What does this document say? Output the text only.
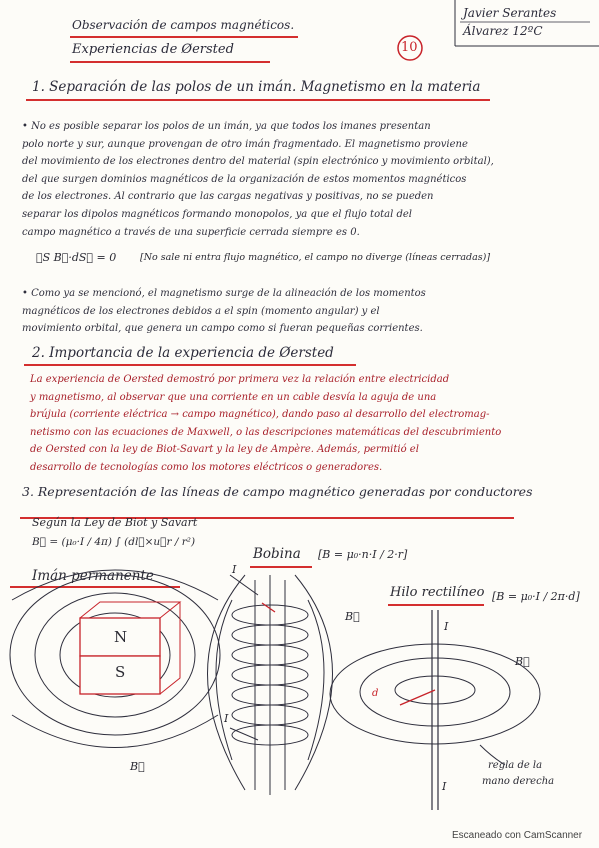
Observación de campos magnéticos.
Experiencias de Øersted
Javier Serantes
Álvarez 12ºC
10
1. Separación de las polos de un imán. Magnetismo en la materia

• No es posible separar los polos de un imán, ya que todos los imanes presentan

polo norte y sur, aunque provengan de otro imán fragmentado. El magnetismo proviene

del movimiento de los electrones dentro del material (spin electrónico y movimiento orbital),

del que surgen dominios magnéticos de la organización de estos momentos magnéticos

de los electrones. Al contrario que las cargas negativas y positivas, no se pueden

separar los dipolos magnéticos formando monopolos, ya que el flujo total del

campo magnético a través de una superficie cerrada siempre es 0.

∮S B⃗·dS⃗ = 0	[No sale ni entra flujo magnético, el campo no diverge (líneas cerradas)]

• Como ya se mencionó, el magnetismo surge de la alineación de los momentos

magnéticos de los electrones debidos a el spin (momento angular) y el

movimiento orbital, que genera un campo como si fueran pequeñas corrientes.

2. Importancia de la experiencia de Øersted

La experiencia de Oersted demostró por primera vez la relación entre electricidad

y magnetismo, al observar que una corriente en un cable desvía la aguja de una

brújula (corriente eléctrica → campo magnético), dando paso al desarrollo del electromag-

netismo con las ecuaciones de Maxwell, o las descripciones matemáticas del descubrimiento

de Oersted con la ley de Biot-Savart y la ley de Ampère. Además, permitió el

desarrollo de tecnologías como los motores eléctricos o generadores.

3. Representación de las líneas de campo magnético generadas por conductores
Según la Ley de Biot y Savart
B⃗ = (μ₀·I / 4π) ∫ (dl⃗×u⃗r / r²)
Imán permanente
Bobina [B = μ₀·n·I / 2·r]
Hilo rectilíneo [B = μ₀·I / 2π·d]
N
S
B⃗
B⃗
I
I
I
I
B⃗
d
regla de la
mano derecha
Escaneado con CamScanner
